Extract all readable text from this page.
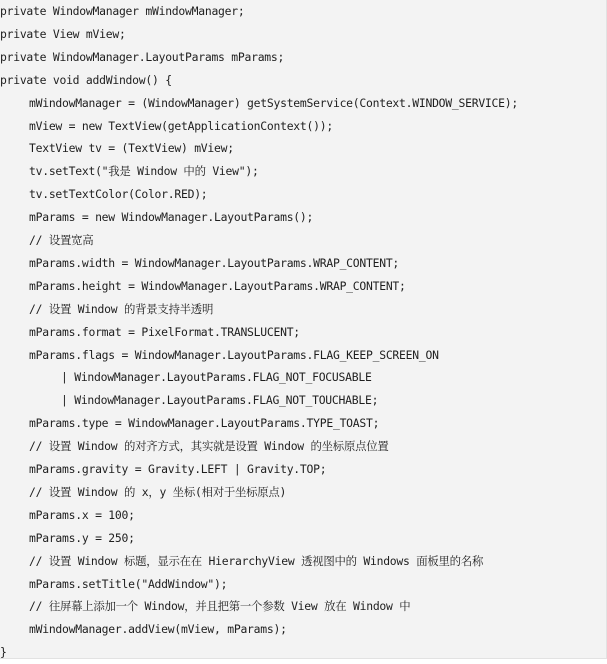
private WindowManager mWindowManager;
private View mView;
private WindowManager.LayoutParams mParams;
private void addWindow() {
mWindowManager = (WindowManager) getSystemService(Context.WINDOW_SERVICE);
mView = new TextView(getApplicationContext());
TextView tv = (TextView) mView;
tv.setText("我是 Window 中的 View");
tv.setTextColor(Color.RED);
mParams = new WindowManager.LayoutParams();
// 设置宽高
mParams.width = WindowManager.LayoutParams.WRAP_CONTENT;
mParams.height = WindowManager.LayoutParams.WRAP_CONTENT;
// 设置 Window 的背景支持半透明
mParams.format = PixelFormat.TRANSLUCENT;
mParams.flags = WindowManager.LayoutParams.FLAG_KEEP_SCREEN_ON
| WindowManager.LayoutParams.FLAG_NOT_FOCUSABLE
| WindowManager.LayoutParams.FLAG_NOT_TOUCHABLE;
mParams.type = WindowManager.LayoutParams.TYPE_TOAST;
// 设置 Window 的对齐方式，其实就是设置 Window 的坐标原点位置
mParams.gravity = Gravity.LEFT | Gravity.TOP;
// 设置 Window 的 x，y 坐标(相对于坐标原点)
mParams.x = 100;
mParams.y = 250;
// 设置 Window 标题，显示在在 HierarchyView 透视图中的 Windows 面板里的名称
mParams.setTitle("AddWindow");
// 往屏幕上添加一个 Window，并且把第一个参数 View 放在 Window 中
mWindowManager.addView(mView, mParams);
}
